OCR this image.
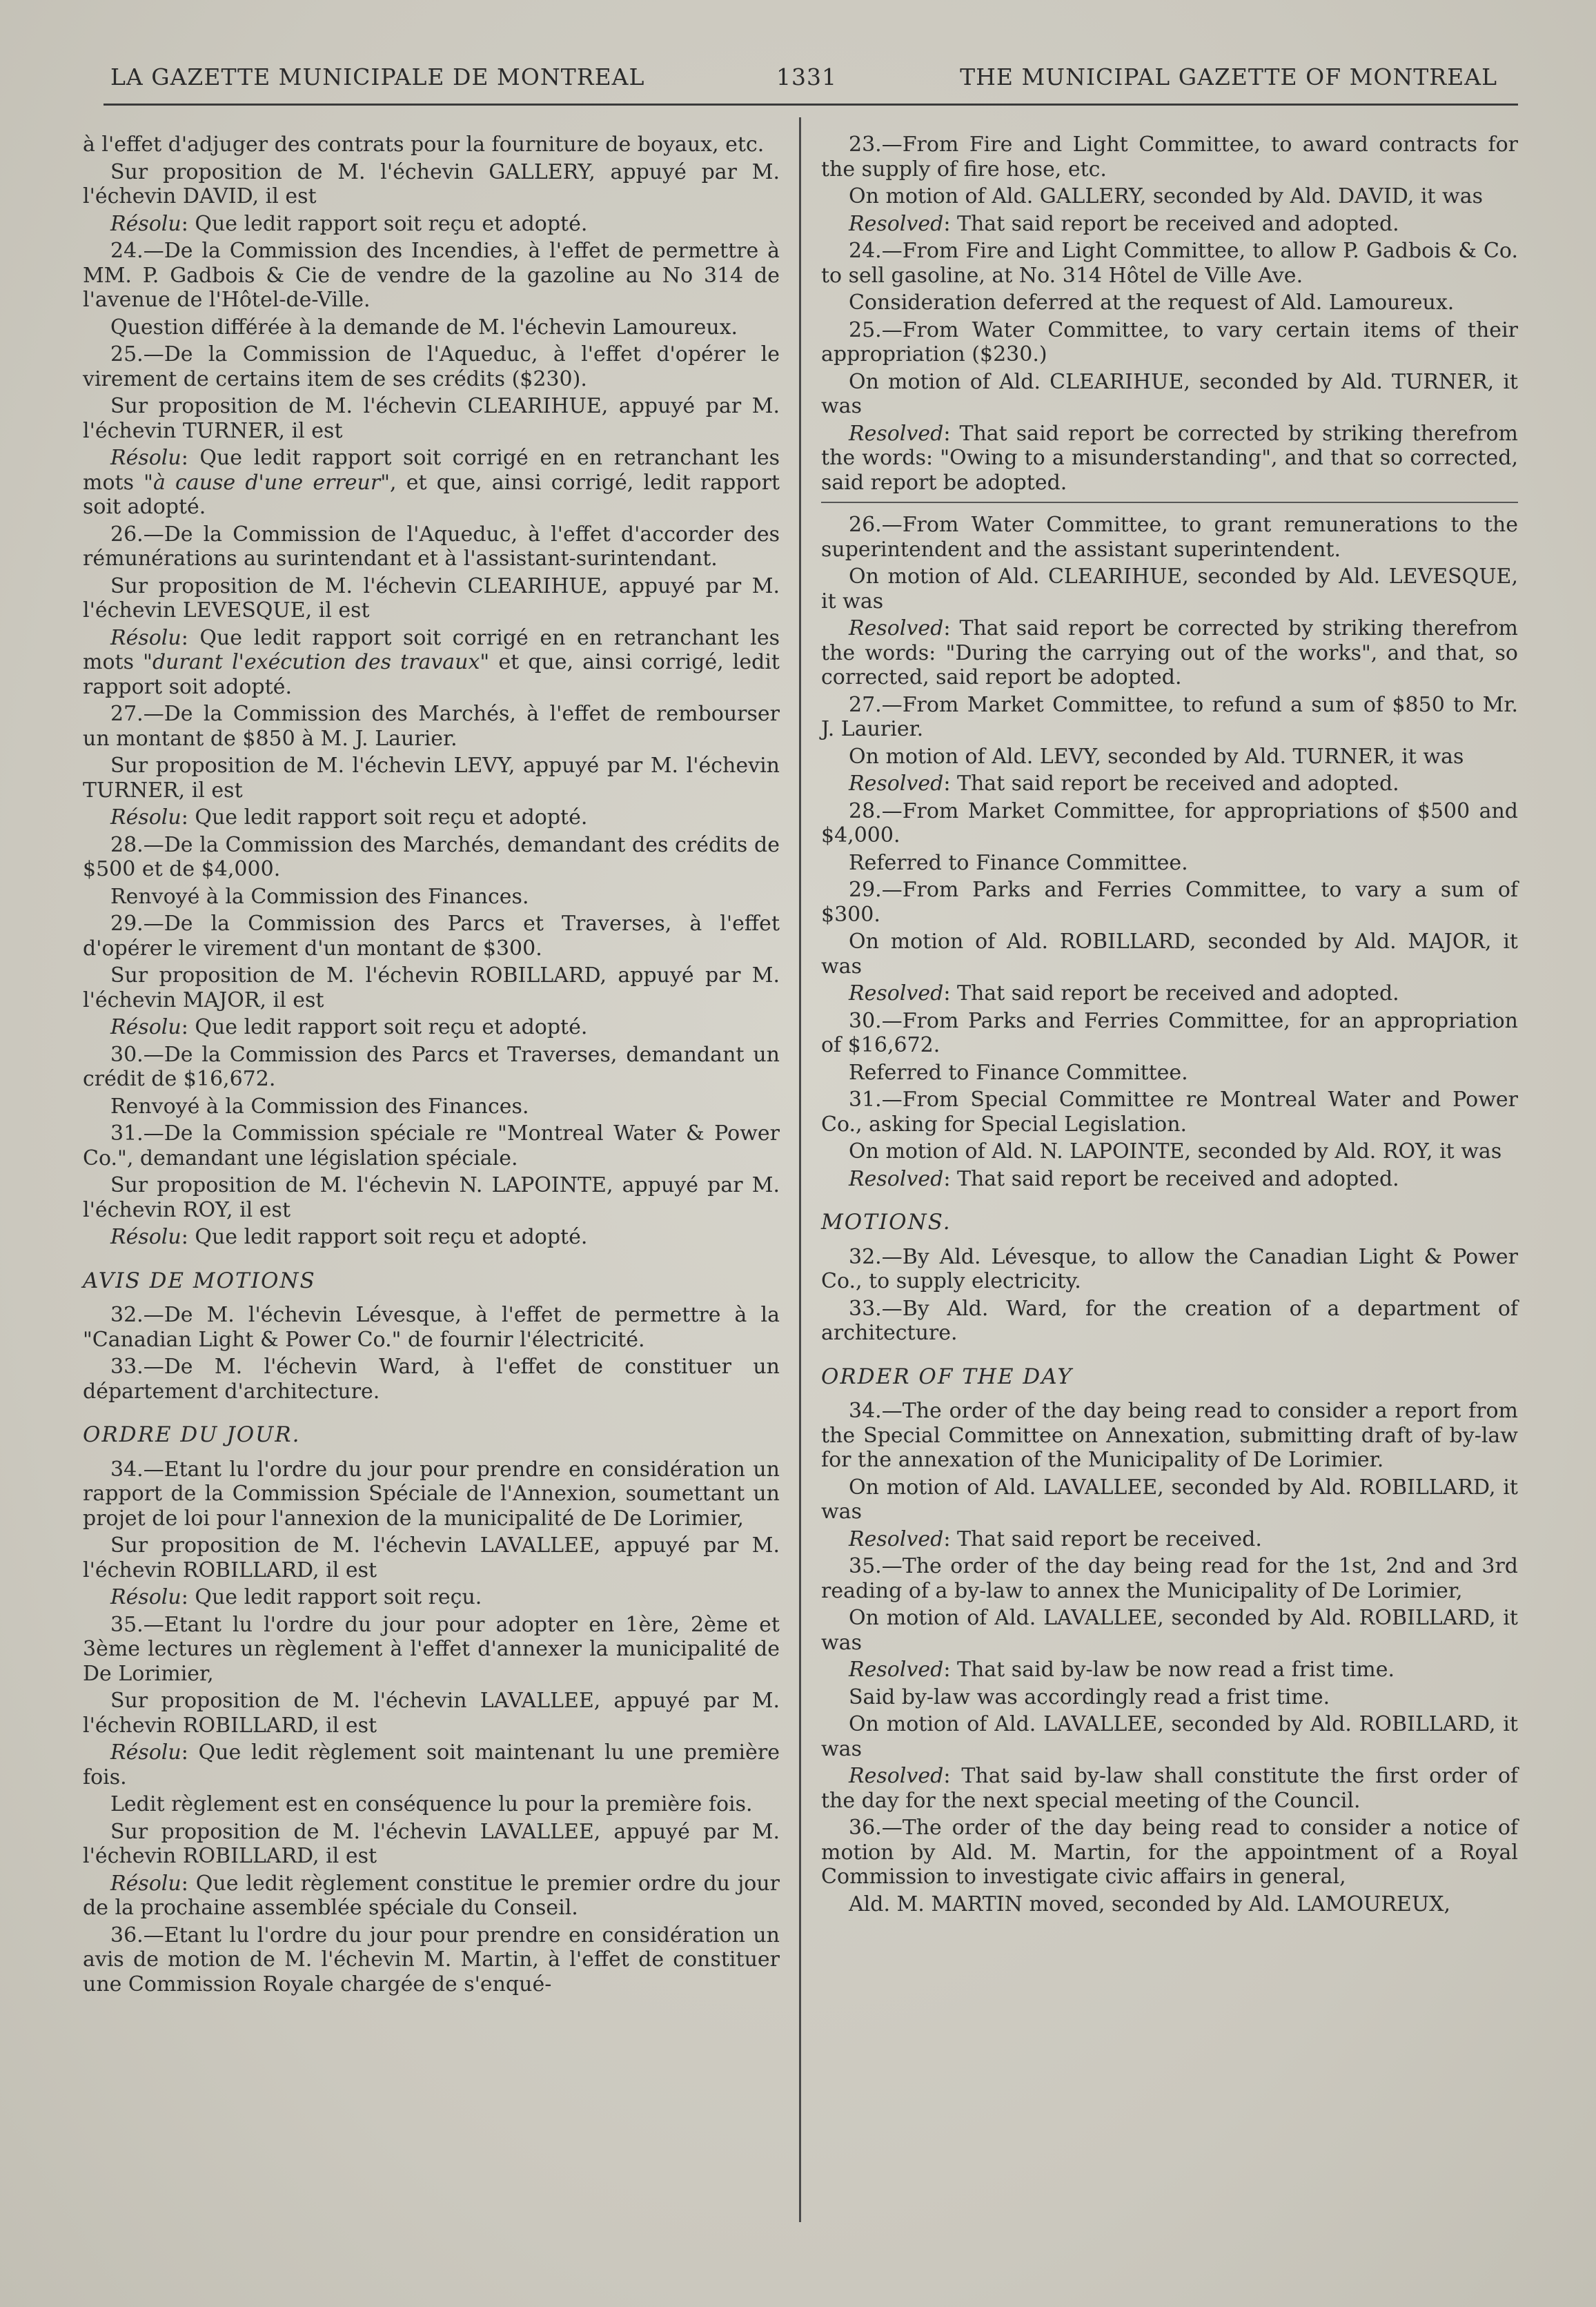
LA GAZETTE MUNICIPALE DE MONTREAL	1331	THE MUNICIPAL GAZETTE OF MONTREAL

à l'effet d'adjuger des contrats pour la fourniture de boyaux, etc.

Sur proposition de M. l'échevin GALLERY, appuyé par M. l'échevin DAVID, il est

Résolu: Que ledit rapport soit reçu et adopté.

24.—De la Commission des Incendies, à l'effet de permettre à MM. P. Gadbois & Cie de vendre de la gazoline au No 314 de l'avenue de l'Hôtel-de-Ville.

Question différée à la demande de M. l'échevin Lamoureux.

25.—De la Commission de l'Aqueduc, à l'effet d'opérer le virement de certains item de ses crédits ($230).

Sur proposition de M. l'échevin CLEARIHUE, appuyé par M. l'échevin TURNER, il est

Résolu: Que ledit rapport soit corrigé en en retranchant les mots "à cause d'une erreur", et que, ainsi corrigé, ledit rapport soit adopté.

26.—De la Commission de l'Aqueduc, à l'effet d'accorder des rémunérations au surintendant et à l'assistant-surintendant.

Sur proposition de M. l'échevin CLEARIHUE, appuyé par M. l'échevin LEVESQUE, il est

Résolu: Que ledit rapport soit corrigé en en retranchant les mots "durant l'exécution des travaux" et que, ainsi corrigé, ledit rapport soit adopté.

27.—De la Commission des Marchés, à l'effet de rembourser un montant de $850 à M. J. Laurier.

Sur proposition de M. l'échevin LEVY, appuyé par M. l'échevin TURNER, il est

Résolu: Que ledit rapport soit reçu et adopté.

28.—De la Commission des Marchés, demandant des crédits de $500 et de $4,000.

Renvoyé à la Commission des Finances.

29.—De la Commission des Parcs et Traverses, à l'effet d'opérer le virement d'un montant de $300.

Sur proposition de M. l'échevin ROBILLARD, appuyé par M. l'échevin MAJOR, il est

Résolu: Que ledit rapport soit reçu et adopté.

30.—De la Commission des Parcs et Traverses, demandant un crédit de $16,672.

Renvoyé à la Commission des Finances.

31.—De la Commission spéciale re "Montreal Water & Power Co.", demandant une législation spéciale.

Sur proposition de M. l'échevin N. LAPOINTE, appuyé par M. l'échevin ROY, il est

Résolu: Que ledit rapport soit reçu et adopté.

AVIS DE MOTIONS

32.—De M. l'échevin Lévesque, à l'effet de permettre à la "Canadian Light & Power Co." de fournir l'électricité.

33.—De M. l'échevin Ward, à l'effet de constituer un département d'architecture.

ORDRE DU JOUR.

34.—Etant lu l'ordre du jour pour prendre en considération un rapport de la Commission Spéciale de l'Annexion, soumettant un projet de loi pour l'annexion de la municipalité de De Lorimier,

Sur proposition de M. l'échevin LAVALLEE, appuyé par M. l'échevin ROBILLARD, il est

Résolu: Que ledit rapport soit reçu.

35.—Etant lu l'ordre du jour pour adopter en 1ère, 2ème et 3ème lectures un règlement à l'effet d'annexer la municipalité de De Lorimier,

Sur proposition de M. l'échevin LAVALLEE, appuyé par M. l'échevin ROBILLARD, il est

Résolu: Que ledit règlement soit maintenant lu une première fois.

Ledit règlement est en conséquence lu pour la première fois.

Sur proposition de M. l'échevin LAVALLEE, appuyé par M. l'échevin ROBILLARD, il est

Résolu: Que ledit règlement constitue le premier ordre du jour de la prochaine assemblée spéciale du Conseil.

36.—Etant lu l'ordre du jour pour prendre en considération un avis de motion de M. l'échevin M. Martin, à l'effet de constituer une Commission Royale chargée de s'enqué-

23.—From Fire and Light Committee, to award contracts for the supply of fire hose, etc.

On motion of Ald. GALLERY, seconded by Ald. DAVID, it was

Resolved: That said report be received and adopted.

24.—From Fire and Light Committee, to allow P. Gadbois & Co. to sell gasoline, at No. 314 Hôtel de Ville Ave.

Consideration deferred at the request of Ald. Lamoureux.

25.—From Water Committee, to vary certain items of their appropriation ($230.)

On motion of Ald. CLEARIHUE, seconded by Ald. TURNER, it was

Resolved: That said report be corrected by striking therefrom the words: "Owing to a misunderstanding", and that so corrected, said report be adopted.

26.—From Water Committee, to grant remunerations to the superintendent and the assistant superintendent.

On motion of Ald. CLEARIHUE, seconded by Ald. LEVESQUE, it was

Resolved: That said report be corrected by striking therefrom the words: "During the carrying out of the works", and that, so corrected, said report be adopted.

27.—From Market Committee, to refund a sum of $850 to Mr. J. Laurier.

On motion of Ald. LEVY, seconded by Ald. TURNER, it was

Resolved: That said report be received and adopted.

28.—From Market Committee, for appropriations of $500 and $4,000.

Referred to Finance Committee.

29.—From Parks and Ferries Committee, to vary a sum of $300.

On motion of Ald. ROBILLARD, seconded by Ald. MAJOR, it was

Resolved: That said report be received and adopted.

30.—From Parks and Ferries Committee, for an appropriation of $16,672.

Referred to Finance Committee.

31.—From Special Committee re Montreal Water and Power Co., asking for Special Legislation.

On motion of Ald. N. LAPOINTE, seconded by Ald. ROY, it was

Resolved: That said report be received and adopted.

MOTIONS.

32.—By Ald. Lévesque, to allow the Canadian Light & Power Co., to supply electricity.

33.—By Ald. Ward, for the creation of a department of architecture.

ORDER OF THE DAY

34.—The order of the day being read to consider a report from the Special Committee on Annexation, submitting draft of by-law for the annexation of the Municipality of De Lorimier.

On motion of Ald. LAVALLEE, seconded by Ald. ROBILLARD, it was

Resolved: That said report be received.

35.—The order of the day being read for the 1st, 2nd and 3rd reading of a by-law to annex the Municipality of De Lorimier,

On motion of Ald. LAVALLEE, seconded by Ald. ROBILLARD, it was

Resolved: That said by-law be now read a frist time.

Said by-law was accordingly read a frist time.

On motion of Ald. LAVALLEE, seconded by Ald. ROBILLARD, it was

Resolved: That said by-law shall constitute the first order of the day for the next special meeting of the Council.

36.—The order of the day being read to consider a notice of motion by Ald. M. Martin, for the appointment of a Royal Commission to investigate civic affairs in general,

Ald. M. MARTIN moved, seconded by Ald. LAMOUREUX,
